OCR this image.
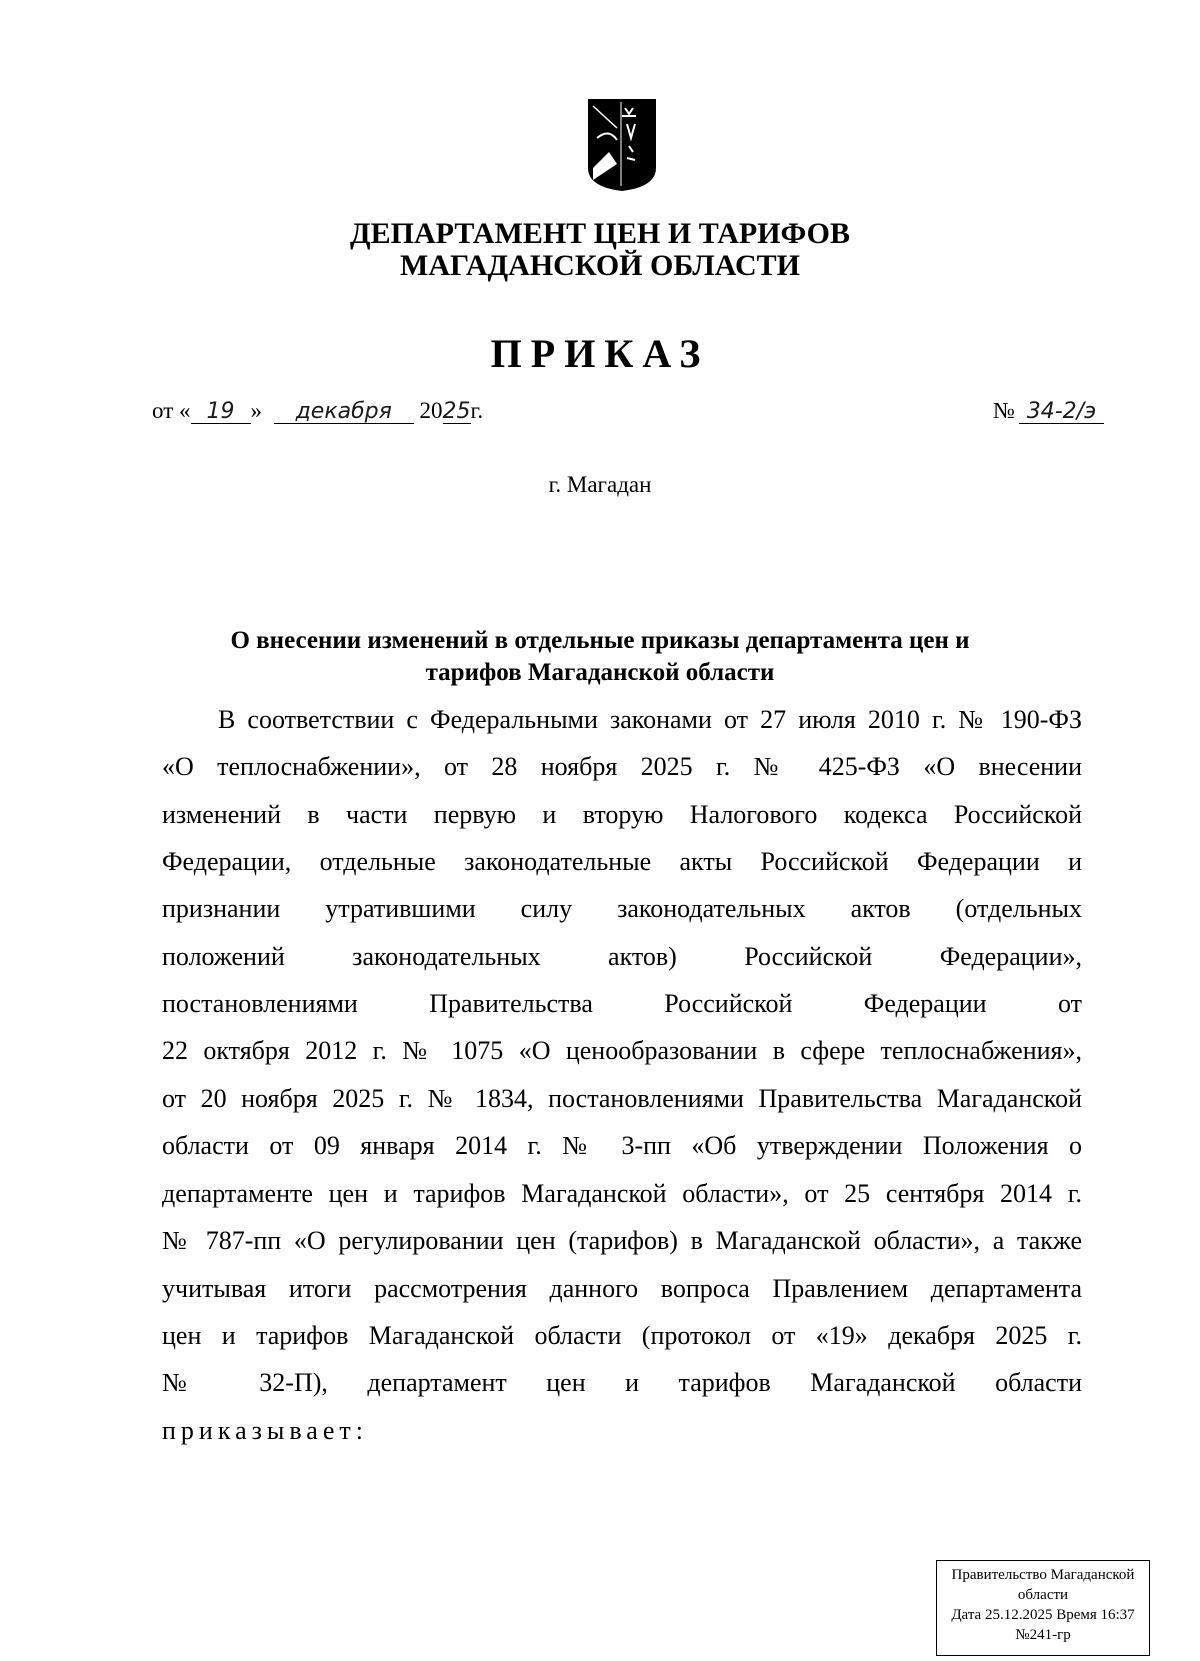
ДЕПАРТАМЕНТ ЦЕН И ТАРИФОВ
МАГАДАНСКОЙ ОБЛАСТИ
ПРИКАЗ
от « 19 » декабря 2025г.	№ 34-2/э
г. Магадан
О внесении изменений в отдельные приказы департамента цен и
тарифов Магаданской области
В соответствии с Федеральными законами от 27 июля 2010 г. № 190-ФЗ
«О теплоснабжении», от 28 ноября 2025 г. № 425-ФЗ «О внесении
изменений в части первую и вторую Налогового кодекса Российской
Федерации, отдельные законодательные акты Российской Федерации и
признании утратившими силу законодательных актов (отдельных
положений законодательных актов) Российской Федерации»,
постановлениями Правительства Российской Федерации от
22 октября 2012 г. № 1075 «О ценообразовании в сфере теплоснабжения»,
от 20 ноября 2025 г. № 1834, постановлениями Правительства Магаданской
области от 09 января 2014 г. № 3-пп «Об утверждении Положения о
департаменте цен и тарифов Магаданской области», от 25 сентября 2014 г.
№ 787-пп «О регулировании цен (тарифов) в Магаданской области», а также
учитывая итоги рассмотрения данного вопроса Правлением департамента
цен и тарифов Магаданской области (протокол от «19» декабря 2025 г.
№ 32-П), департамент цен и тарифов Магаданской области
приказывает:
Правительство Магаданской
области
Дата 25.12.2025 Время 16:37
№241-гр
